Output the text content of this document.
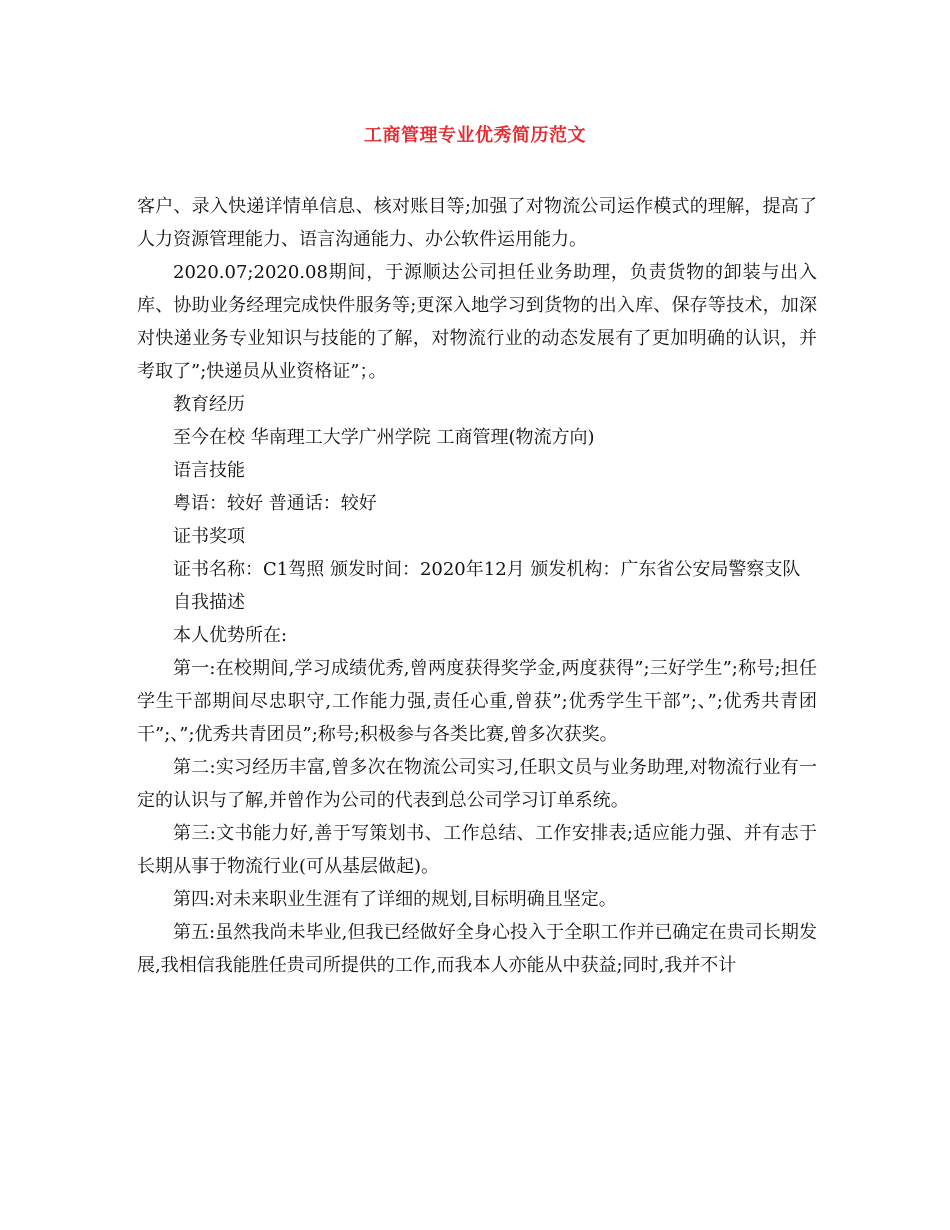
工商管理专业优秀简历范文

客户、录入快递详情单信息、核对账目等;加强了对物流公司运作模式的理解，提高了人力资源管理能力、语言沟通能力、办公软件运用能力。

2020.07;2020.08期间，于源顺达公司担任业务助理，负责货物的卸装与出入库、协助业务经理完成快件服务等;更深入地学习到货物的出入库、保存等技术，加深对快递业务专业知识与技能的了解，对物流行业的动态发展有了更加明确的认识，并考取了”;快递员从业资格证”；。

教育经历

至今在校 华南理工大学广州学院 工商管理(物流方向)

语言技能

粤语：较好 普通话：较好

证书奖项

证书名称：C1驾照 颁发时间：2020年12月 颁发机构：广东省公安局警察支队

自我描述

本人优势所在:

第一:在校期间,学习成绩优秀,曾两度获得奖学金,两度获得”;三好学生”;称号;担任学生干部期间尽忠职守,工作能力强,责任心重,曾获”;优秀学生干部”;、”;优秀共青团干”;、”;优秀共青团员”;称号;积极参与各类比赛,曾多次获奖。

第二:实习经历丰富,曾多次在物流公司实习,任职文员与业务助理,对物流行业有一定的认识与了解,并曾作为公司的代表到总公司学习订单系统。

第三:文书能力好,善于写策划书、工作总结、工作安排表;适应能力强、并有志于长期从事于物流行业(可从基层做起)。

第四:对未来职业生涯有了详细的规划,目标明确且坚定。

第五:虽然我尚未毕业,但我已经做好全身心投入于全职工作并已确定在贵司长期发展,我相信我能胜任贵司所提供的工作,而我本人亦能从中获益;同时,我并不计
